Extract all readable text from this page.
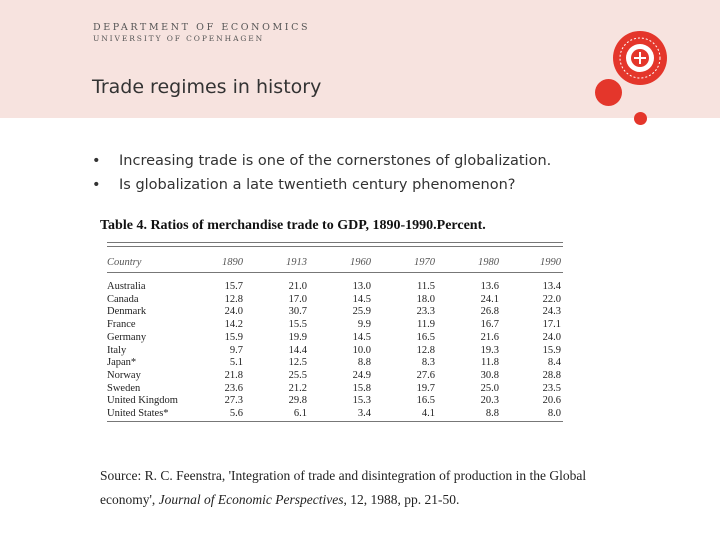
DEPARTMENT OF ECONOMICS
UNIVERSITY OF COPENHAGEN
Trade regimes in history
• Increasing trade is one of the cornerstones of globalization.
• Is globalization a late twentieth century phenomenon?
Table 4. Ratios of merchandise trade to GDP, 1890-1990.Percent.
Country	1890	1913	1960	1970	1980	1990
Australia	15.7	21.0	13.0	11.5	13.6	13.4
Canada	12.8	17.0	14.5	18.0	24.1	22.0
Denmark	24.0	30.7	25.9	23.3	26.8	24.3
France	14.2	15.5	9.9	11.9	16.7	17.1
Germany	15.9	19.9	14.5	16.5	21.6	24.0
Italy	9.7	14.4	10.0	12.8	19.3	15.9
Japan*	5.1	12.5	8.8	8.3	11.8	8.4
Norway	21.8	25.5	24.9	27.6	30.8	28.8
Sweden	23.6	21.2	15.8	19.7	25.0	23.5
United Kingdom	27.3	29.8	15.3	16.5	20.3	20.6
United States*	5.6	6.1	3.4	4.1	8.8	8.0
Source: R. C. Feenstra, 'Integration of trade and disintegration of production in the Global
economy', Journal of Economic Perspectives, 12, 1988, pp. 21-50.
